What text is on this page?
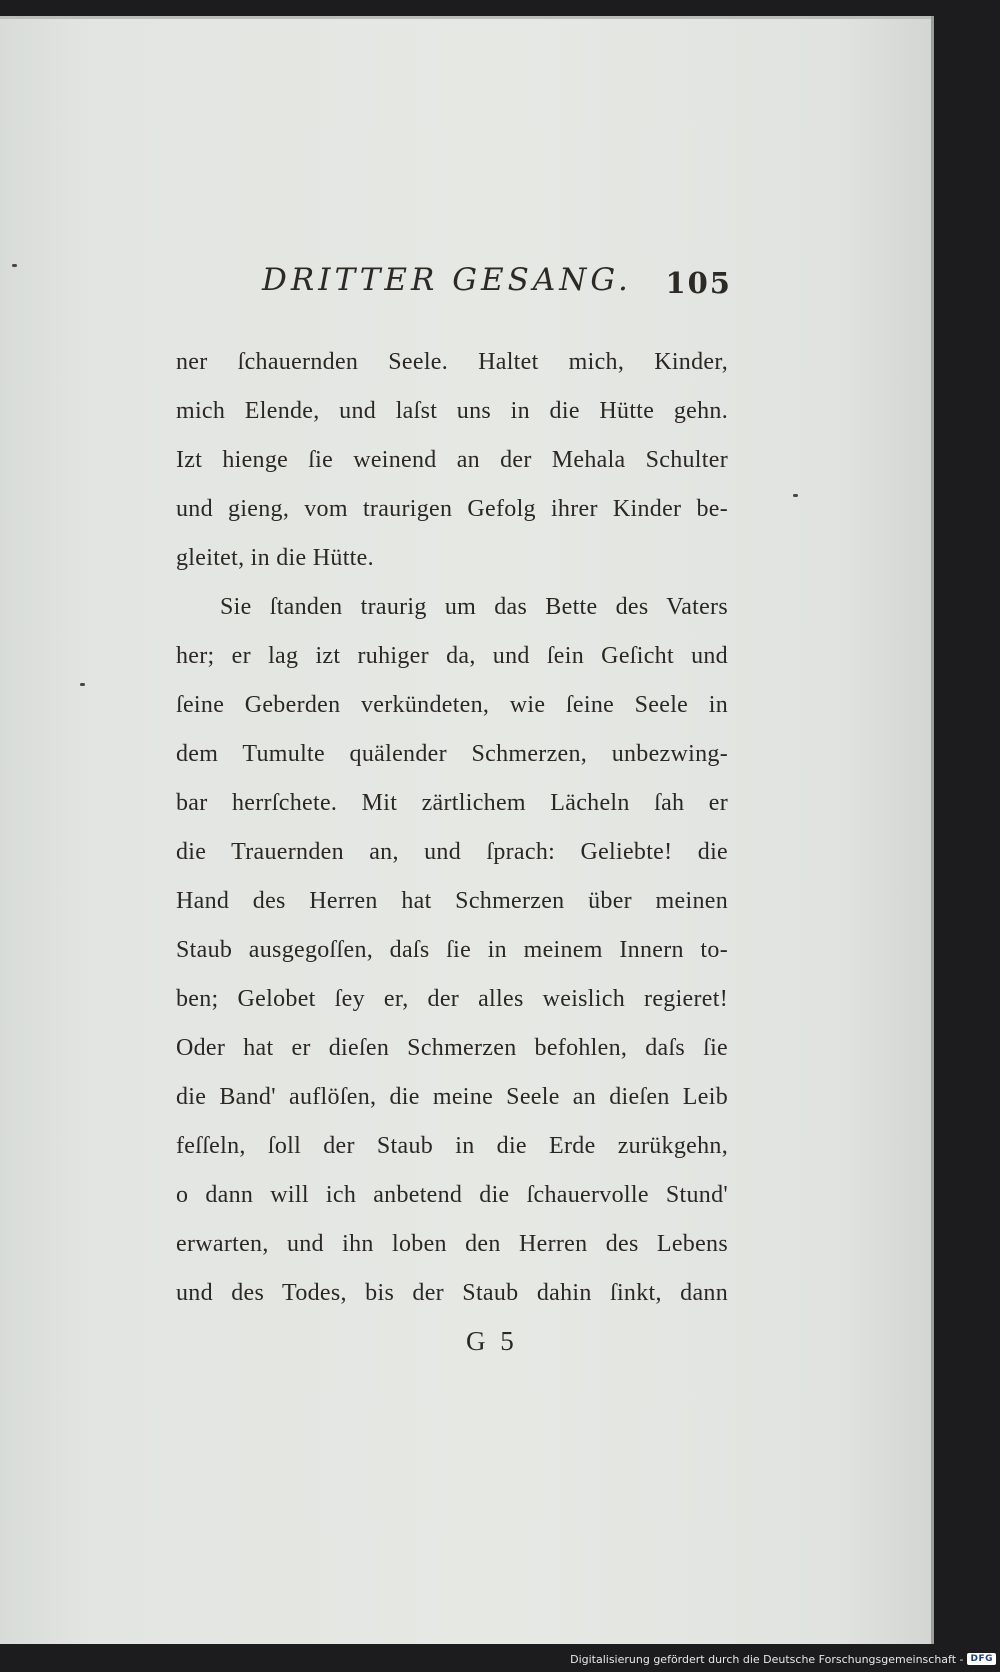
DRITTER GESANG. 105
ner ſchauernden Seele. Haltet mich, Kinder,
mich Elende, und laſst uns in die Hütte gehn.
Izt hienge ſie weinend an der Mehala Schulter
und gieng, vom traurigen Gefolg ihrer Kinder be-
gleitet, in die Hütte.
Sie ſtanden traurig um das Bette des Vaters
her; er lag izt ruhiger da, und ſein Geſicht und
ſeine Geberden verkündeten, wie ſeine Seele in
dem Tumulte quälender Schmerzen, unbezwing-
bar herrſchete. Mit zärtlichem Lächeln ſah er
die Trauernden an, und ſprach: Geliebte! die
Hand des Herren hat Schmerzen über meinen
Staub ausgegoſſen, daſs ſie in meinem Innern to-
ben; Gelobet ſey er, der alles weislich regieret!
Oder hat er dieſen Schmerzen befohlen, daſs ſie
die Band' auflöſen, die meine Seele an dieſen Leib
feſſeln, ſoll der Staub in die Erde zurükgehn,
o dann will ich anbetend die ſchauervolle Stund'
erwarten, und ihn loben den Herren des Lebens
und des Todes, bis der Staub dahin ſinkt, dann
G 5
Digitalisierung gefördert durch die Deutsche Forschungsgemeinschaft - DFG
